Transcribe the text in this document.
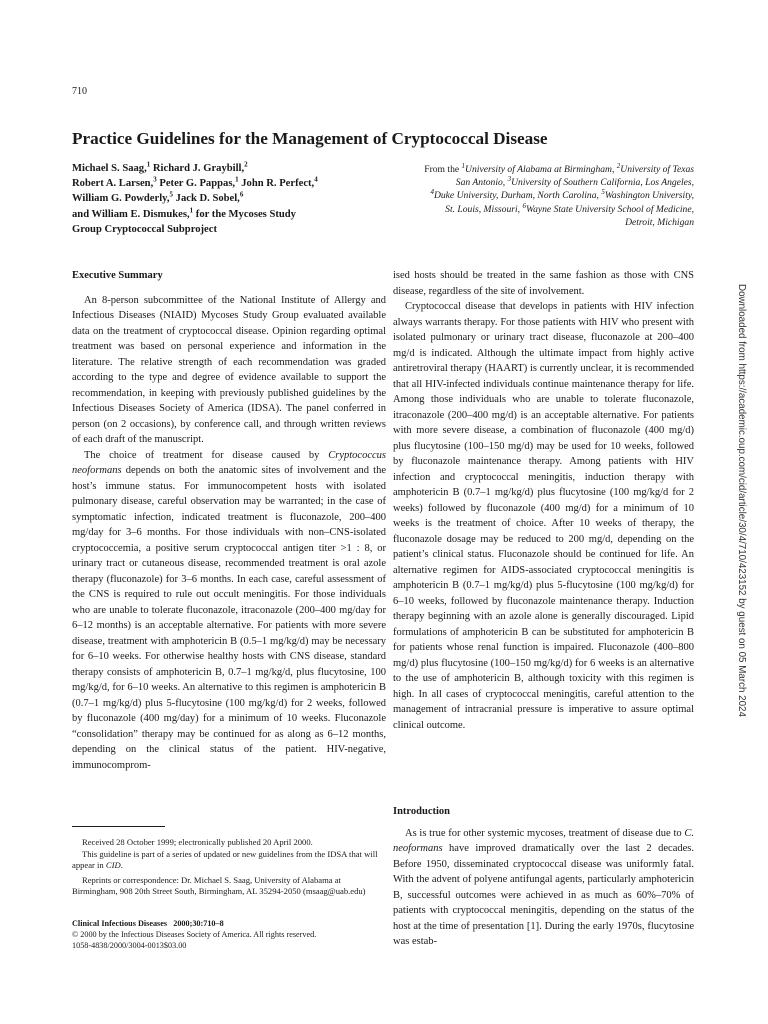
710
Practice Guidelines for the Management of Cryptococcal Disease
Michael S. Saag,$^1$ Richard J. Graybill,$^2$
Robert A. Larsen,$^3$ Peter G. Pappas,$^1$ John R. Perfect,$^4$
William G. Powderly,$^5$ Jack D. Sobel,$^6$
and William E. Dismukes,$^1$ for the Mycoses Study
Group Cryptococcal Subproject
From the $^1$University of Alabama at Birmingham, $^2$University of Texas
San Antonio, $^3$University of Southern California, Los Angeles,
$^4$Duke University, Durham, North Carolina, $^5$Washington University,
St. Louis, Missouri, $^6$Wayne State University School of Medicine,
Detroit, Michigan
Executive Summary

An 8-person subcommittee of the National Institute of Allergy and Infectious Diseases (NIAID) Mycoses Study Group evaluated available data on the treatment of cryptococcal disease. Opinion regarding optimal treatment was based on personal experience and information in the literature. The relative strength of each recommendation was graded according to the type and degree of evidence available to support the recommendation, in keeping with previously published guidelines by the Infectious Diseases Society of America (IDSA). The panel conferred in person (on 2 occasions), by conference call, and through written reviews of each draft of the manuscript.

The choice of treatment for disease caused by Cryptococcus neoformans depends on both the anatomic sites of involvement and the host’s immune status. For immunocompetent hosts with isolated pulmonary disease, careful observation may be warranted; in the case of symptomatic infection, indicated treatment is fluconazole, 200–400 mg/day for 3–6 months. For those individuals with non–CNS-isolated cryptococcemia, a positive serum cryptococcal antigen titer >1 : 8, or urinary tract or cutaneous disease, recommended treatment is oral azole therapy (fluconazole) for 3–6 months. In each case, careful assessment of the CNS is required to rule out occult meningitis. For those individuals who are unable to tolerate fluconazole, itraconazole (200–400 mg/day for 6–12 months) is an acceptable alternative. For patients with more severe disease, treatment with amphotericin B (0.5–1 mg/kg/d) may be necessary for 6–10 weeks. For otherwise healthy hosts with CNS disease, standard therapy consists of amphotericin B, 0.7–1 mg/kg/d, plus flucytosine, 100 mg/kg/d, for 6–10 weeks. An alternative to this regimen is amphotericin B (0.7–1 mg/kg/d) plus 5-flucytosine (100 mg/kg/d) for 2 weeks, followed by fluconazole (400 mg/day) for a minimum of 10 weeks. Fluconazole “consolidation” therapy may be continued for as along as 6–12 months, depending on the clinical status of the patient. HIV-negative, immunocomprom-

ised hosts should be treated in the same fashion as those with CNS disease, regardless of the site of involvement.

Cryptococcal disease that develops in patients with HIV infection always warrants therapy. For those patients with HIV who present with isolated pulmonary or urinary tract disease, fluconazole at 200–400 mg/d is indicated. Although the ultimate impact from highly active antiretroviral therapy (HAART) is currently unclear, it is recommended that all HIV-infected individuals continue maintenance therapy for life. Among those individuals who are unable to tolerate fluconazole, itraconazole (200–400 mg/d) is an acceptable alternative. For patients with more severe disease, a combination of fluconazole (400 mg/d) plus flucytosine (100–150 mg/d) may be used for 10 weeks, followed by fluconazole maintenance therapy. Among patients with HIV infection and cryptococcal meningitis, induction therapy with amphotericin B (0.7–1 mg/kg/d) plus flucytosine (100 mg/kg/d for 2 weeks) followed by fluconazole (400 mg/d) for a minimum of 10 weeks is the treatment of choice. After 10 weeks of therapy, the fluconazole dosage may be reduced to 200 mg/d, depending on the patient’s clinical status. Fluconazole should be continued for life. An alternative regimen for AIDS-associated cryptococcal meningitis is amphotericin B (0.7–1 mg/kg/d) plus 5-flucytosine (100 mg/kg/d) for 6–10 weeks, followed by fluconazole maintenance therapy. Induction therapy beginning with an azole alone is generally discouraged. Lipid formulations of amphotericin B can be substituted for amphotericin B for patients whose renal function is impaired. Fluconazole (400–800 mg/d) plus flucytosine (100–150 mg/kg/d) for 6 weeks is an alternative to the use of amphotericin B, although toxicity with this regimen is high. In all cases of cryptococcal meningitis, careful attention to the management of intracranial pressure is imperative to assure optimal clinical outcome.

Introduction

As is true for other systemic mycoses, treatment of disease due to C. neoformans have improved dramatically over the last 2 decades. Before 1950, disseminated cryptococcal disease was uniformly fatal. With the advent of polyene antifungal agents, particularly amphotericin B, successful outcomes were achieved in as much as 60%–70% of patients with cryptococcal meningitis, depending on the status of the host at the time of presentation [1]. During the early 1970s, flucytosine was estab-

Received 28 October 1999; electronically published 20 April 2000.

This guideline is part of a series of updated or new guidelines from the IDSA that will appear in CID.

Reprints or correspondence: Dr. Michael S. Saag, University of Alabama at Birmingham, 908 20th Street South, Birmingham, AL 35294-2050 (msaag@uab.edu)

Clinical Infectious Diseases   2000;30:710–8
© 2000 by the Infectious Diseases Society of America. All rights reserved.
1058-4838/2000/3004-0013$03.00
Downloaded from https://academic.oup.com/cid/article/30/4/710/423152 by guest on 05 March 2024
